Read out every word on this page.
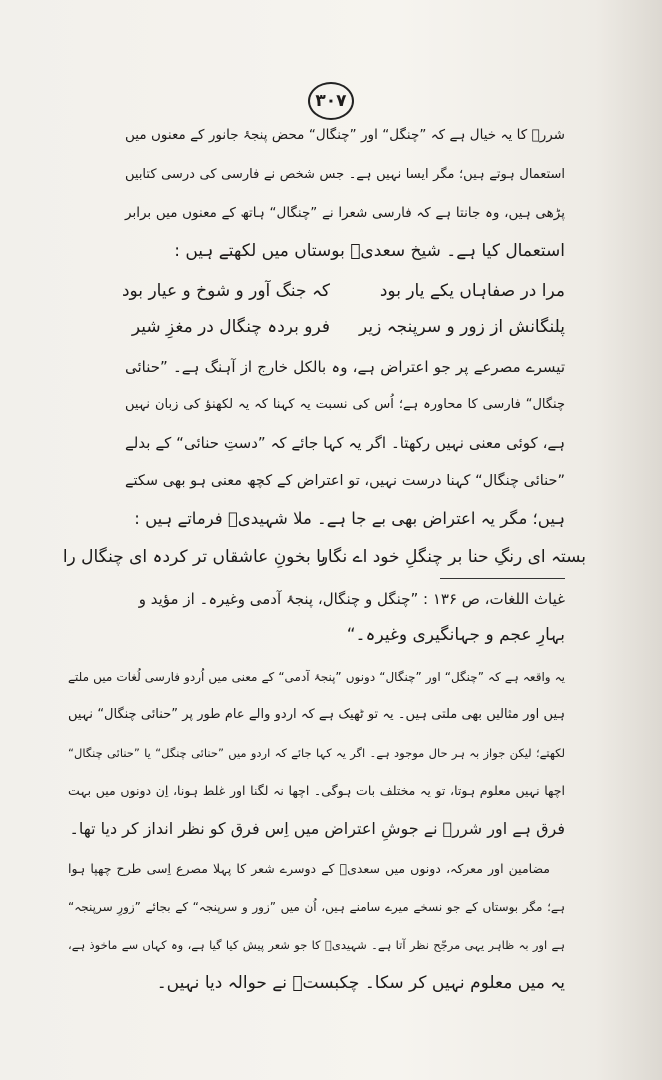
۳۰۷
شررؔ کا یہ خیال ہے کہ ”چنگل“ اور ”چنگال“ محض پنجۂ جانور کے معنوں میں
استعمال ہوتے ہیں؛ مگر ایسا نہیں ہے۔ جس شخص نے فارسی کی درسی کتابیں
پڑھی ہیں، وہ جانتا ہے کہ فارسی شعرا نے ”چنگال“ ہاتھ کے معنوں میں برابر
استعمال کیا ہے۔ شیخ سعدیؔ بوستاں میں لکھتے ہیں :
مرا در صفاہاں یکے یار بود
کہ جنگ آور و شوخ و عیار بود
پلنگانش از زور و سرپنجہ زیر
فرو بردہ چنگال در مغزِ شیر
تیسرے مصرعے پر جو اعتراض ہے، وہ بالکل خارج از آہنگ ہے۔ ”حنائی
چنگال“ فارسی کا محاورہ ہے؛ اُس کی نسبت یہ کہنا کہ یہ لکھنؤ کی زبان نہیں
ہے، کوئی معنی نہیں رکھتا۔ اگر یہ کہا جائے کہ ”دستِ حنائی“ کے بدلے
”حنائی چنگال“ کہنا درست نہیں، تو اعتراض کے کچھ معنی ہو بھی سکتے
ہیں؛ مگر یہ اعتراض بھی بے جا ہے۔ ملا شہیدیؔ فرماتے ہیں :
بستہ ای رنگِ حنا بر چنگلِ خود اے نگار
یا بخونِ عاشقاں تر کردہ ای چنگال را
غیاث اللغات، ص ۱۳۶ : ”چنگل و چنگال، پنجۂ آدمی وغیرہ۔ از مؤید و
بہارِ عجم و جہانگیری وغیرہ۔“
یہ واقعہ ہے کہ ”چنگل“ اور ”چنگال“ دونوں ”پنجۂ آدمی“ کے معنی میں اُردو فارسی لُغات میں ملتے
ہیں اور مثالیں بھی ملتی ہیں۔ یہ تو ٹھیک ہے کہ اردو والے عام طور پر ”حنائی چنگال“ نہیں
لکھتے؛ لیکن جواز بہ ہر حال موجود ہے۔ اگر یہ کہا جائے کہ اردو میں ”حنائی چنگل“ یا ”حنائی چنگال“
اچھا نہیں معلوم ہوتا، تو یہ مختلف بات ہوگی۔ اچھا نہ لگنا اور غلط ہونا، اِن دونوں میں بہت
فرق ہے اور شررؔ نے جوشِ اعتراض میں اِس فرق کو نظر انداز کر دیا تھا۔
مضامین اور معرکہ، دونوں میں سعدیؔ کے دوسرے شعر کا پہلا مصرع اِسی طرح چھپا ہوا
ہے؛ مگر بوستاں کے جو نسخے میرے سامنے ہیں، اُن میں ”زور و سرپنجہ“ کے بجائے ”زورِ سرپنجہ“
ہے اور بہ ظاہر یہی مرجّح نظر آتا ہے۔ شہیدیؔ کا جو شعر پیش کیا گیا ہے، وہ کہاں سے ماخوذ ہے،
یہ میں معلوم نہیں کر سکا۔ چکبستؔ نے حوالہ دیا نہیں۔
